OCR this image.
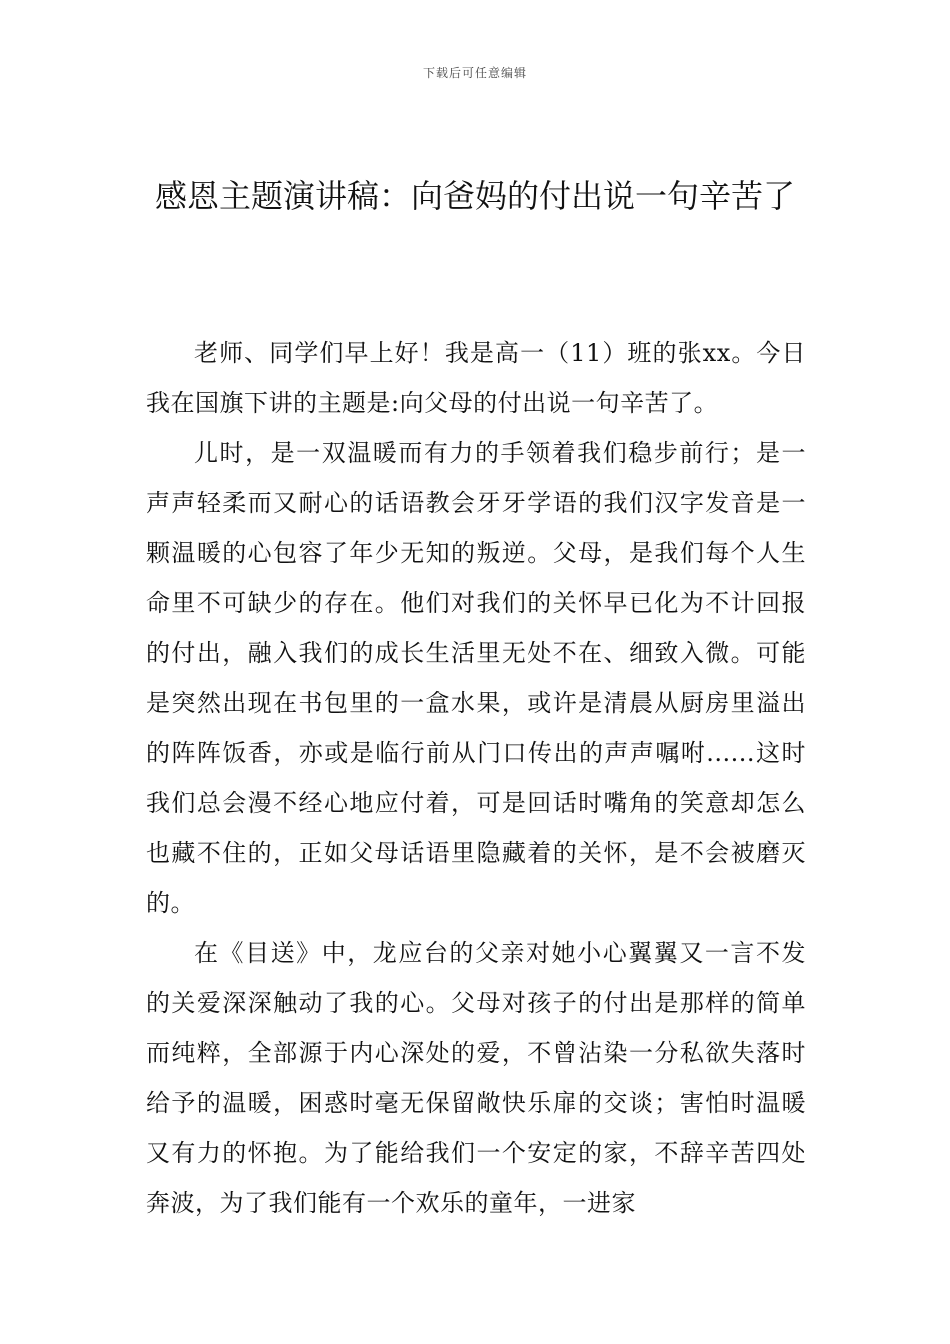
下载后可任意编辑
感恩主题演讲稿：向爸妈的付出说一句辛苦了

老师、同学们早上好！我是高一（11）班的张xx。今日我在国旗下讲的主题是:向父母的付出说一句辛苦了。

儿时，是一双温暖而有力的手领着我们稳步前行；是一声声轻柔而又耐心的话语教会牙牙学语的我们汉字发音是一颗温暖的心包容了年少无知的叛逆。父母，是我们每个人生命里不可缺少的存在。他们对我们的关怀早已化为不计回报的付出，融入我们的成长生活里无处不在、细致入微。可能是突然出现在书包里的一盒水果，或许是清晨从厨房里溢出的阵阵饭香，亦或是临行前从门口传出的声声嘱咐......这时我们总会漫不经心地应付着，可是回话时嘴角的笑意却怎么也藏不住的，正如父母话语里隐藏着的关怀，是不会被磨灭的。

在《目送》中，龙应台的父亲对她小心翼翼又一言不发的关爱深深触动了我的心。父母对孩子的付出是那样的简单而纯粹，全部源于内心深处的爱，不曾沾染一分私欲失落时给予的温暖，困惑时毫无保留敞快乐扉的交谈；害怕时温暖又有力的怀抱。为了能给我们一个安定的家，不辞辛苦四处奔波，为了我们能有一个欢乐的童年，一进家
